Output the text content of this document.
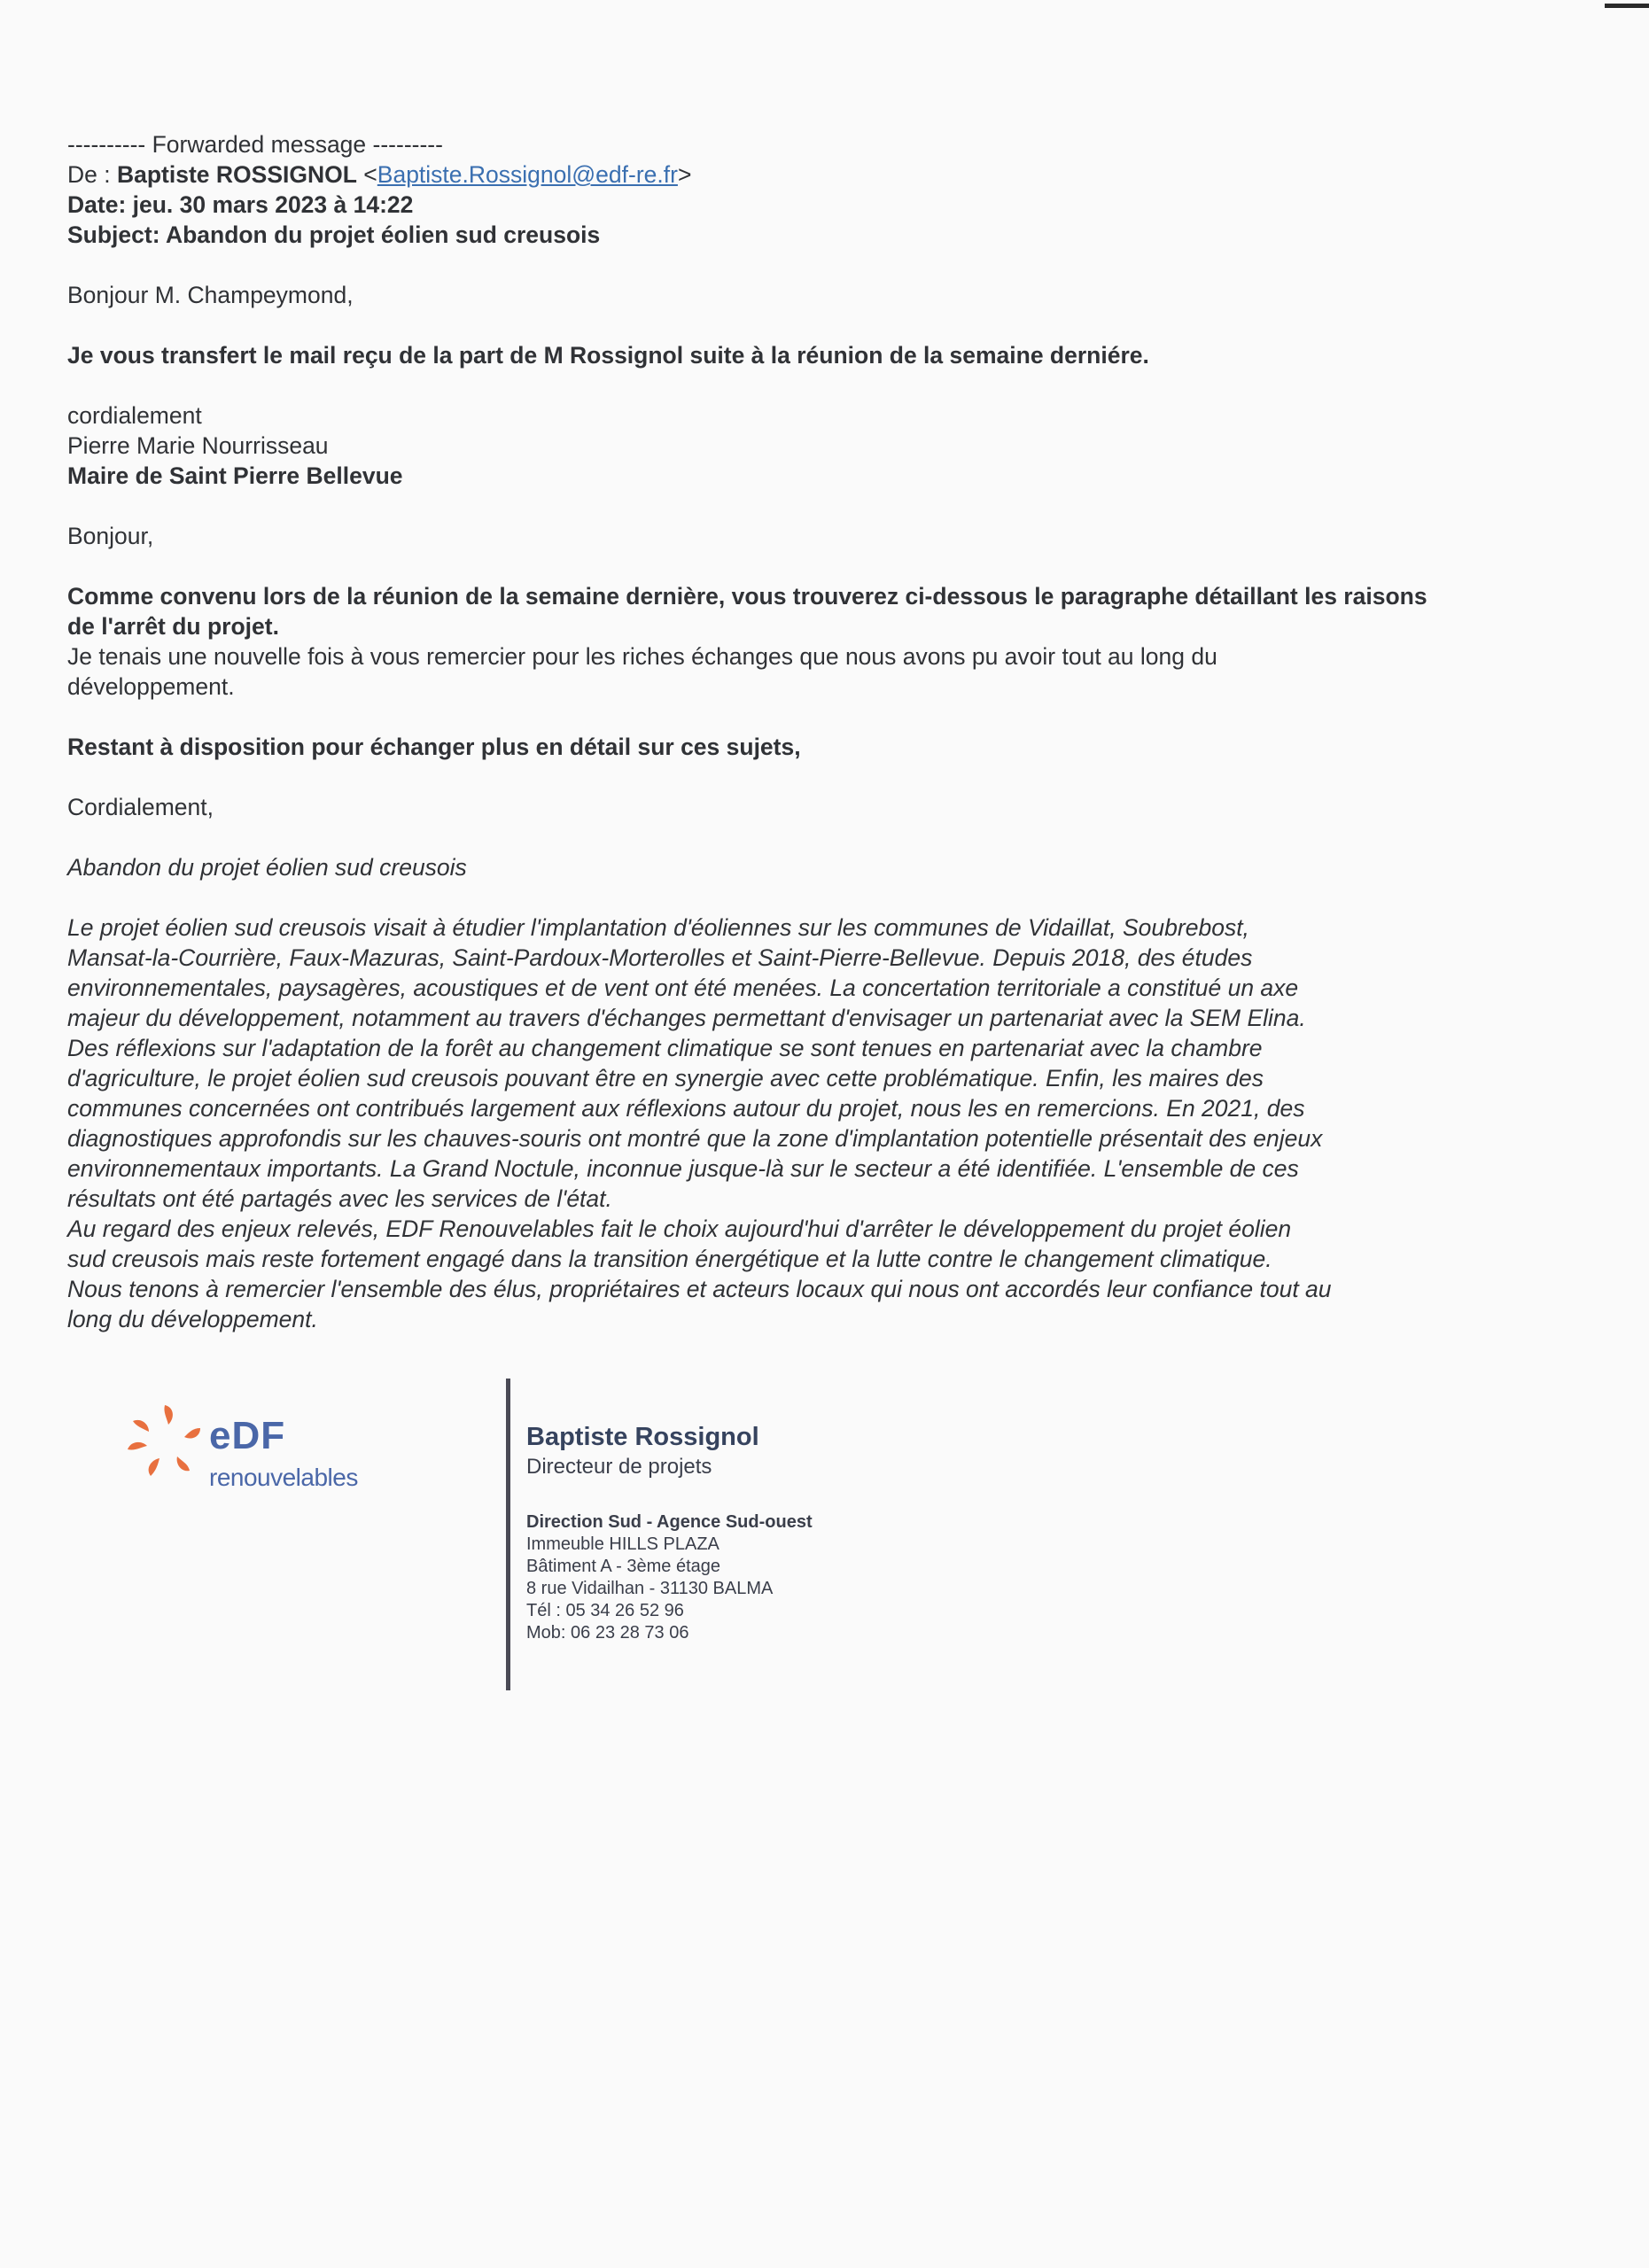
---------- Forwarded message ---------
De : Baptiste ROSSIGNOL <Baptiste.Rossignol@edf-re.fr>
Date: jeu. 30 mars 2023 à 14:22
Subject: Abandon du projet éolien sud creusois
Bonjour M. Champeymond,
Je vous transfert le mail reçu de la part de M Rossignol suite à la réunion de la semaine derniére.
cordialement
Pierre Marie Nourrisseau
Maire de Saint Pierre Bellevue
Bonjour,
Comme convenu lors de la réunion de la semaine dernière, vous trouverez ci-dessous le paragraphe détaillant les raisons
de l'arrêt du projet.
Je tenais une nouvelle fois à vous remercier pour les riches échanges que nous avons pu avoir tout au long du
développement.
Restant à disposition pour échanger plus en détail sur ces sujets,
Cordialement,
Abandon du projet éolien sud creusois
Le projet éolien sud creusois visait à étudier l'implantation d'éoliennes sur les communes de Vidaillat, Soubrebost,
Mansat-la-Courrière, Faux-Mazuras, Saint-Pardoux-Morterolles et Saint-Pierre-Bellevue. Depuis 2018, des études
environnementales, paysagères, acoustiques et de vent ont été menées. La concertation territoriale a constitué un axe
majeur du développement, notamment au travers d'échanges permettant d'envisager un partenariat avec la SEM Elina.
Des réflexions sur l'adaptation de la forêt au changement climatique se sont tenues en partenariat avec la chambre
d'agriculture, le projet éolien sud creusois pouvant être en synergie avec cette problématique. Enfin, les maires des
communes concernées ont contribués largement aux réflexions autour du projet, nous les en remercions. En 2021, des
diagnostiques approfondis sur les chauves-souris ont montré que la zone d'implantation potentielle présentait des enjeux
environnementaux importants. La Grand Noctule, inconnue jusque-là sur le secteur a été identifiée. L'ensemble de ces
résultats ont été partagés avec les services de l'état.
Au regard des enjeux relevés, EDF Renouvelables fait le choix aujourd'hui d'arrêter le développement du projet éolien
sud creusois mais reste fortement engagé dans la transition énergétique et la lutte contre le changement climatique.
Nous tenons à remercier l'ensemble des élus, propriétaires et acteurs locaux qui nous ont accordés leur confiance tout au
long du développement.
eDF
renouvelables
Baptiste Rossignol
Directeur de projets
Direction Sud - Agence Sud-ouest
Immeuble HILLS PLAZA
Bâtiment A - 3ème étage
8 rue Vidailhan - 31130 BALMA
Tél : 05 34 26 52 96
Mob: 06 23 28 73 06
